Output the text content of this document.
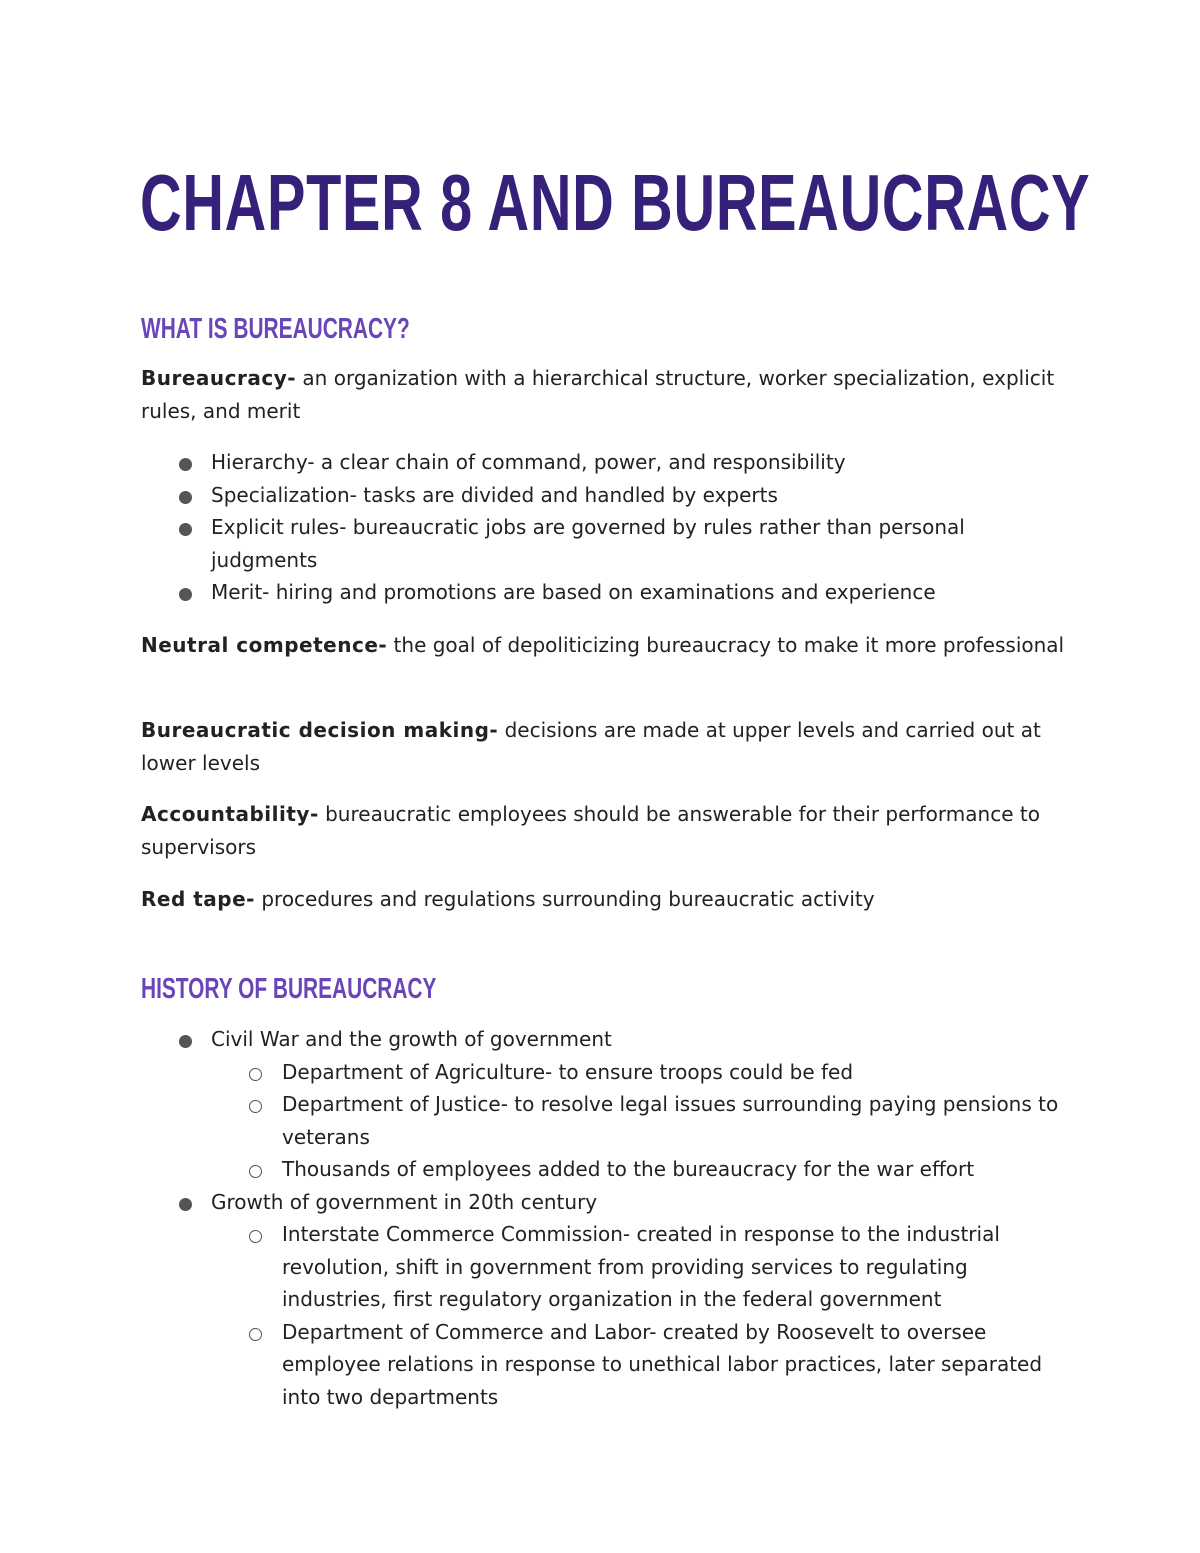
CHAPTER 8 AND BUREAUCRACY
WHAT IS BUREAUCRACY?

Bureaucracy- an organization with a hierarchical structure, worker specialization, explicit rules, and merit

Hierarchy- a clear chain of command, power, and responsibility
Specialization- tasks are divided and handled by experts
Explicit rules- bureaucratic jobs are governed by rules rather than personal judgments
Merit- hiring and promotions are based on examinations and experience

Neutral competence- the goal of depoliticizing bureaucracy to make it more professional

Bureaucratic decision making- decisions are made at upper levels and carried out at lower levels

Accountability- bureaucratic employees should be answerable for their performance to supervisors

Red tape- procedures and regulations surrounding bureaucratic activity

HISTORY OF BUREAUCRACY
Civil War and the growth of government
Department of Agriculture- to ensure troops could be fed
Department of Justice- to resolve legal issues surrounding paying pensions to veterans
Thousands of employees added to the bureaucracy for the war effort
Growth of government in 20th century
Interstate Commerce Commission- created in response to the industrial revolution, shift in government from providing services to regulating industries, first regulatory organization in the federal government
Department of Commerce and Labor- created by Roosevelt to oversee employee relations in response to unethical labor practices, later separated into two departments
